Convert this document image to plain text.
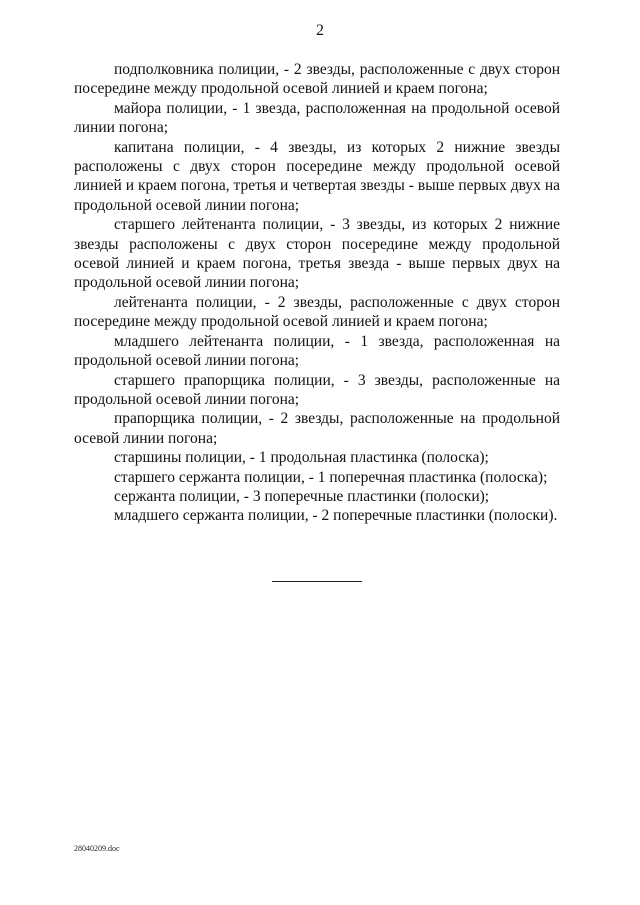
2

подполковника полиции, - 2 звезды, расположенные с двух сторон посередине между продольной осевой линией и краем погона;

майора полиции, - 1 звезда, расположенная на продольной осевой линии погона;

капитана полиции, - 4 звезды, из которых 2 нижние звезды расположены с двух сторон посередине между продольной осевой линией и краем погона, третья и четвертая звезды - выше первых двух на продольной осевой линии погона;

старшего лейтенанта полиции, - 3 звезды, из которых 2 нижние звезды расположены с двух сторон посередине между продольной осевой линией и краем погона, третья звезда - выше первых двух на продольной осевой линии погона;

лейтенанта полиции, - 2 звезды, расположенные с двух сторон посередине между продольной осевой линией и краем погона;

младшего лейтенанта полиции, - 1 звезда, расположенная на продольной осевой линии погона;

старшего прапорщика полиции, - 3 звезды, расположенные на продольной осевой линии погона;

прапорщика полиции, - 2 звезды, расположенные на продольной осевой линии погона;

старшины полиции, - 1 продольная пластинка (полоска);

старшего сержанта полиции, - 1 поперечная пластинка (полоска);

сержанта полиции, - 3 поперечные пластинки (полоски);

младшего сержанта полиции, - 2 поперечные пластинки (полоски).

28040209.doc
